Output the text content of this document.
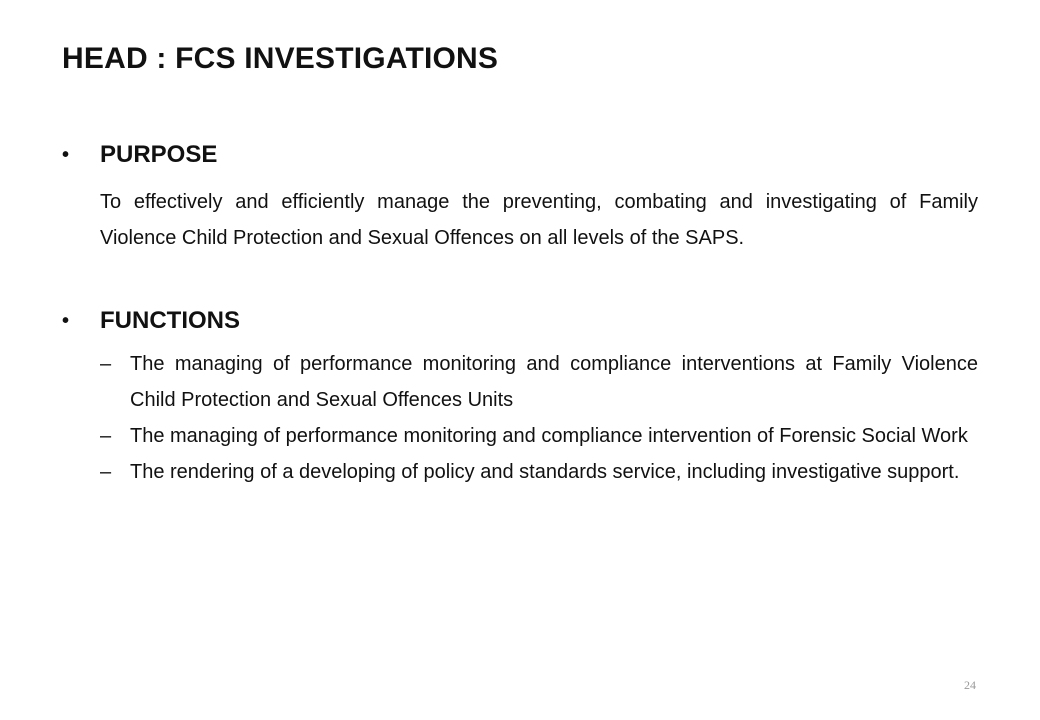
HEAD : FCS INVESTIGATIONS
•	PURPOSE
To effectively and efficiently manage the preventing, combating and investigating of Family Violence Child Protection and Sexual Offences on all levels of the SAPS.
•	FUNCTIONS
– The managing of performance monitoring and compliance interventions at Family Violence Child Protection and Sexual Offences Units
– The managing of performance monitoring and compliance intervention of Forensic Social Work
– The rendering of a developing of policy and standards service, including investigative support.
24
